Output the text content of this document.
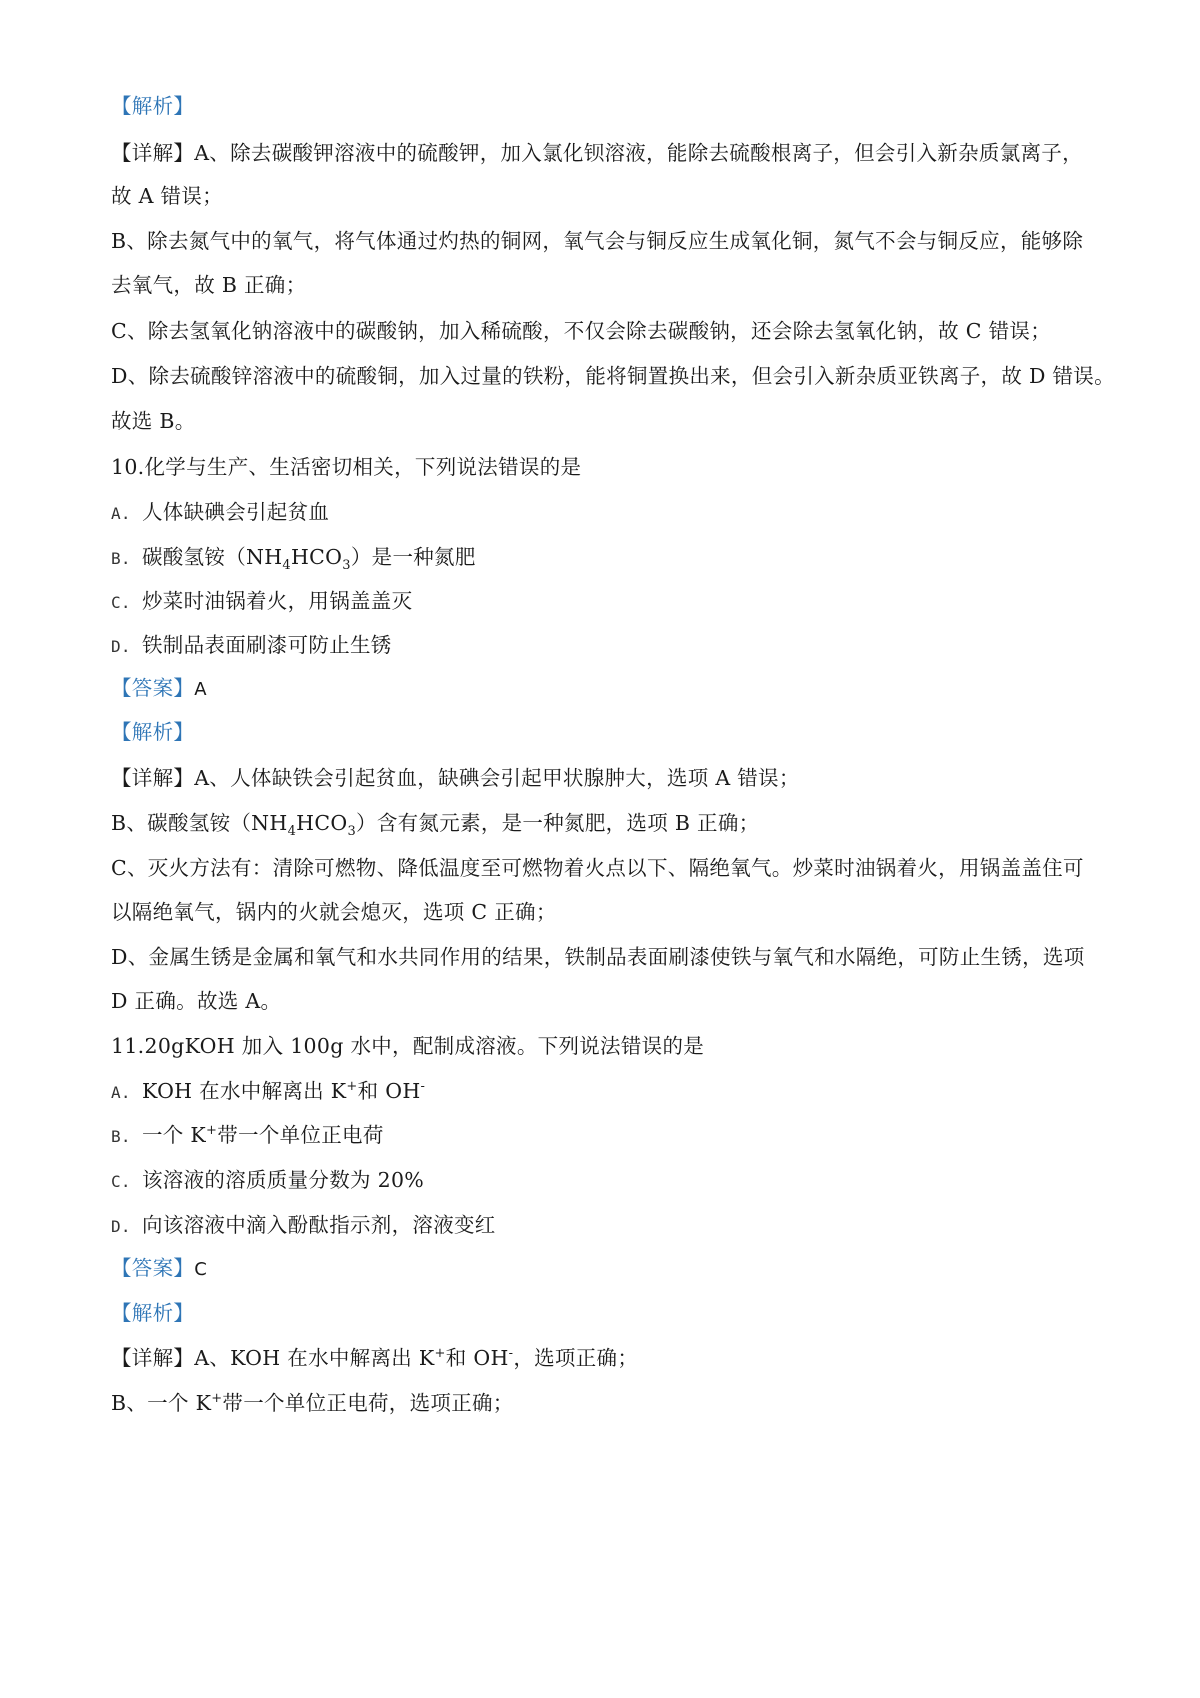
【解析】
【详解】A、除去碳酸钾溶液中的硫酸钾，加入氯化钡溶液，能除去硫酸根离子，但会引入新杂质氯离子，
故 A 错误；
B、除去氮气中的氧气，将气体通过灼热的铜网，氧气会与铜反应生成氧化铜，氮气不会与铜反应，能够除
去氧气，故 B 正确；
C、除去氢氧化钠溶液中的碳酸钠，加入稀硫酸，不仅会除去碳酸钠，还会除去氢氧化钠，故 C 错误；
D、除去硫酸锌溶液中的硫酸铜，加入过量的铁粉，能将铜置换出来，但会引入新杂质亚铁离子，故 D 错误。
故选 B。
10.化学与生产、生活密切相关，下列说法错误的是
A. 人体缺碘会引起贫血
B. 碳酸氢铵$(NH_4HCO_3)$是一种氮肥
C. 炒菜时油锅着火，用锅盖盖灭
D. 铁制品表面刷漆可防止生锈
【答案】A
【解析】
【详解】A、人体缺铁会引起贫血，缺碘会引起甲状腺肿大，选项 A 错误；
B、碳酸氢铵$(NH_4HCO_3)$含有氮元素，是一种氮肥，选项 B 正确；
C、灭火方法有：清除可燃物、降低温度至可燃物着火点以下、隔绝氧气。炒菜时油锅着火，用锅盖盖住可
以隔绝氧气，锅内的火就会熄灭，选项 C 正确；
D、金属生锈是金属和氧气和水共同作用的结果，铁制品表面刷漆使铁与氧气和水隔绝，可防止生锈，选项
D 正确。故选 A。
11.20gKOH 加入 100g 水中，配制成溶液。下列说法错误的是
A. KOH 在水中解离出 K+和 OH-
B. 一个 K+带一个单位正电荷
C. 该溶液的溶质质量分数为 20%
D. 向该溶液中滴入酚酞指示剂，溶液变红
【答案】C
【解析】
【详解】A、KOH 在水中解离出 K+和 OH-，选项正确；
B、一个 K+带一个单位正电荷，选项正确；
